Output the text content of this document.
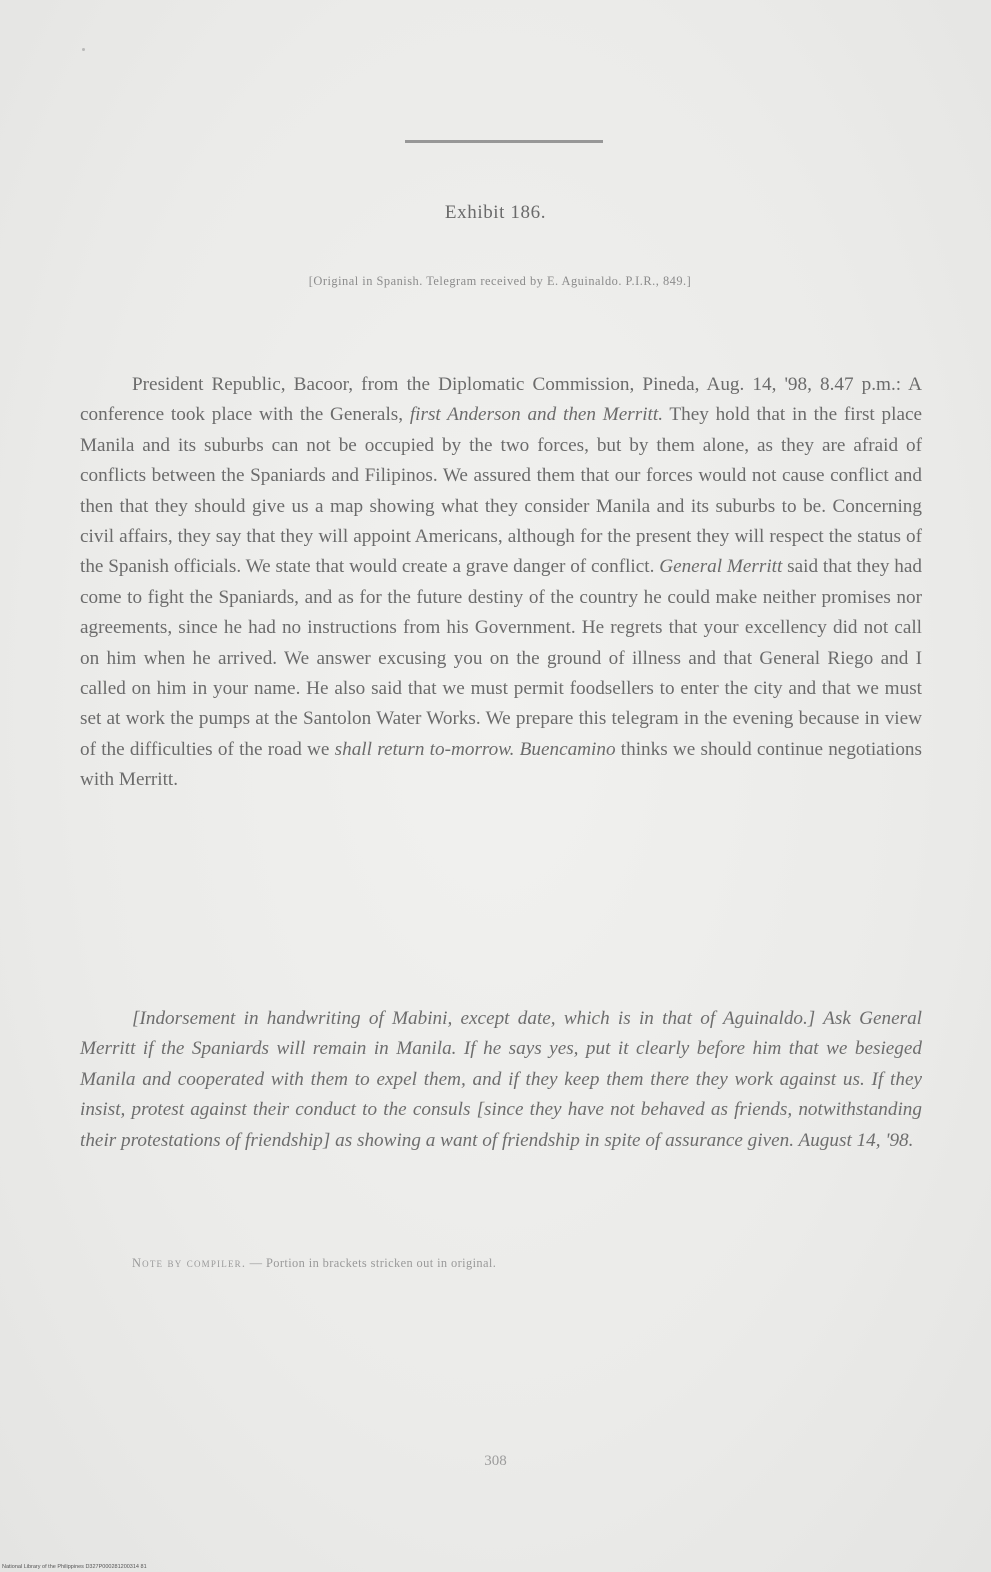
Exhibit 186.
[Original in Spanish. Telegram received by E. Aguinaldo. P.I.R., 849.]

President Republic, Bacoor, from the Diplomatic Commission, Pineda, Aug. 14, '98, 8.47 p.m.: A conference took place with the Generals, first Anderson and then Merritt. They hold that in the first place Manila and its suburbs can not be occupied by the two forces, but by them alone, as they are afraid of conflicts between the Spaniards and Filipinos. We assured them that our forces would not cause conflict and then that they should give us a map showing what they consider Manila and its suburbs to be. Concerning civil affairs, they say that they will appoint Americans, although for the present they will respect the status of the Spanish officials. We state that would create a grave danger of conflict. General Merritt said that they had come to fight the Spaniards, and as for the future destiny of the country he could make neither promises nor agreements, since he had no instructions from his Government. He regrets that your excellency did not call on him when he arrived. We answer excusing you on the ground of illness and that General Riego and I called on him in your name. He also said that we must permit foodsellers to enter the city and that we must set at work the pumps at the Santolon Water Works. We prepare this telegram in the evening because in view of the difficulties of the road we shall return to-morrow. Buencamino thinks we should continue negotiations with Merritt.

[Indorsement in handwriting of Mabini, except date, which is in that of Aguinaldo.] Ask General Merritt if the Spaniards will remain in Manila. If he says yes, put it clearly before him that we besieged Manila and cooperated with them to expel them, and if they keep them there they work against us. If they insist, protest against their conduct to the consuls [since they have not behaved as friends, notwithstanding their protestations of friendship] as showing a want of friendship in spite of assurance given. August 14, '98.

Note by compiler. — Portion in brackets stricken out in original.
308
National Library of the Philippines D327P000281200314 81
